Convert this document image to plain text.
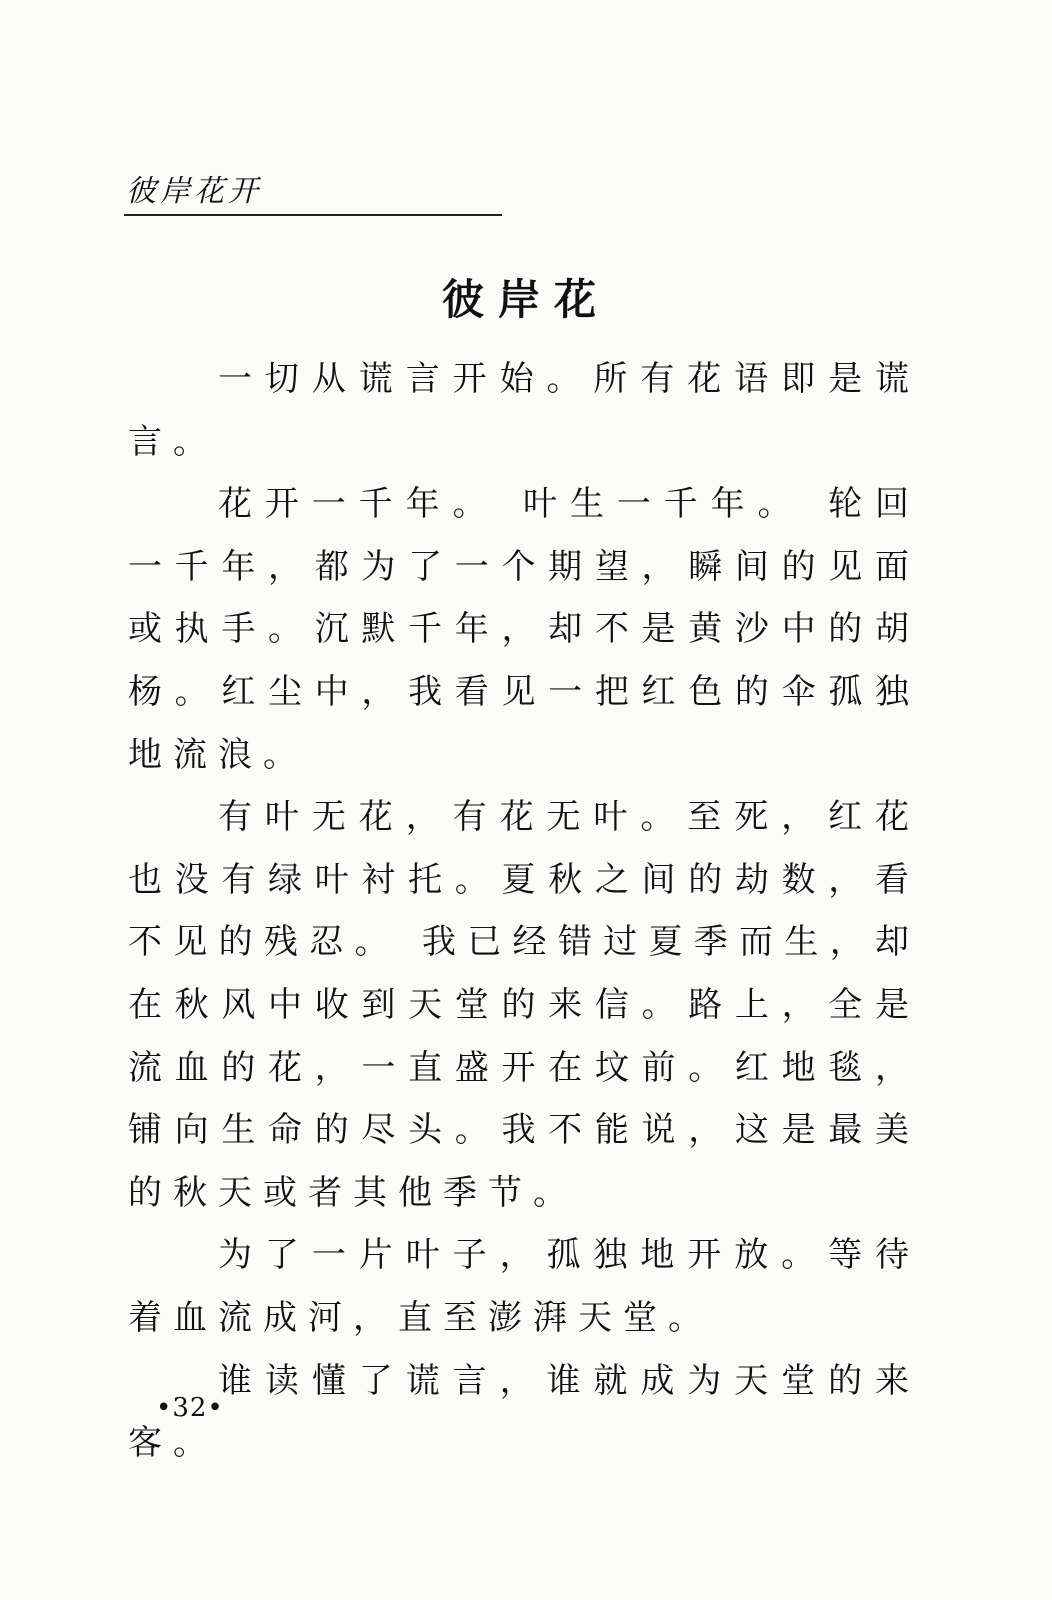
彼岸花开
彼岸花

一切从谎言开始。所有花语即是谎言。

花开一千年。 叶生一千年。 轮回一千年，都为了一个期望，瞬间的见面或执手。沉默千年，却不是黄沙中的胡杨。红尘中，我看见一把红色的伞孤独地流浪。

有叶无花，有花无叶。至死，红花也没有绿叶衬托。夏秋之间的劫数，看不见的残忍。 我已经错过夏季而生，却在秋风中收到天堂的来信。路上，全是流血的花，一直盛开在坟前。红地毯，铺向生命的尽头。我不能说，这是最美的秋天或者其他季节。

为了一片叶子，孤独地开放。等待着血流成河，直至澎湃天堂。

谁读懂了谎言，谁就成为天堂的来客。

•32•
